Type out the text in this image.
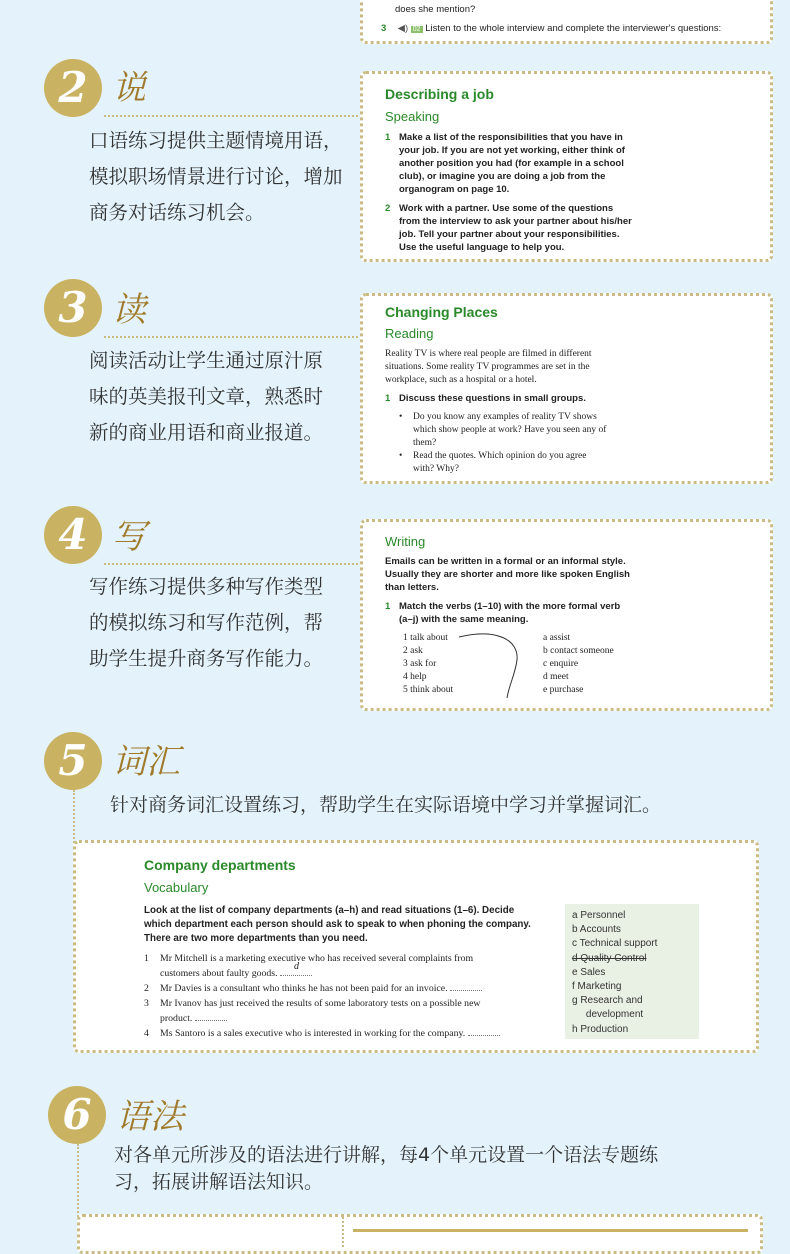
does she mention?
3 ◀) 02 Listen to the whole interview and complete the interviewer's questions:
2 说
口语练习提供主题情境用语，
模拟职场情景进行讨论，增加
商务对话练习机会。
Describing a job
Speaking
1 Make a list of the responsibilities that you have in
your job. If you are not yet working, either think of
another position you had (for example in a school
club), or imagine you are doing a job from the
organogram on page 10.
2 Work with a partner. Use some of the questions
from the interview to ask your partner about his/her
job. Tell your partner about your responsibilities.
Use the useful language to help you.
3 读
阅读活动让学生通过原汁原
味的英美报刊文章，熟悉时
新的商业用语和商业报道。
Changing Places
Reading
Reality TV is where real people are filmed in different
situations. Some reality TV programmes are set in the
workplace, such as a hospital or a hotel.
1 Discuss these questions in small groups.
• Do you know any examples of reality TV shows
which show people at work? Have you seen any of
them?
• Read the quotes. Which opinion do you agree
with? Why?
4 写
写作练习提供多种写作类型
的模拟练习和写作范例，帮
助学生提升商务写作能力。
Writing
Emails can be written in a formal or an informal style.
Usually they are shorter and more like spoken English
than letters.
1 Match the verbs (1–10) with the more formal verb
(a–j) with the same meaning.
1 talk about
2 ask
3 ask for
4 help
5 think about
a assist
b contact someone
c enquire
d meet
e purchase
5 词汇
针对商务词汇设置练习，帮助学生在实际语境中学习并掌握词汇。
Company departments
Vocabulary
Look at the list of company departments (a–h) and read situations (1–6). Decide
which department each person should ask to speak to when phoning the company.
There are two more departments than you need.
1 Mr Mitchell is a marketing executive who has received several complaints from
customers about faulty goods.
d
2 Mr Davies is a consultant who thinks he has not been paid for an invoice.
3 Mr Ivanov has just received the results of some laboratory tests on a possible new
product.
4 Ms Santoro is a sales executive who is interested in working for the company.
a Personnel
b Accounts
c Technical support
d Quality Control
e Sales
f Marketing
g Research and
development
h Production
6 语法
对各单元所涉及的语法进行讲解，每4个单元设置一个语法专题练
习，拓展讲解语法知识。
